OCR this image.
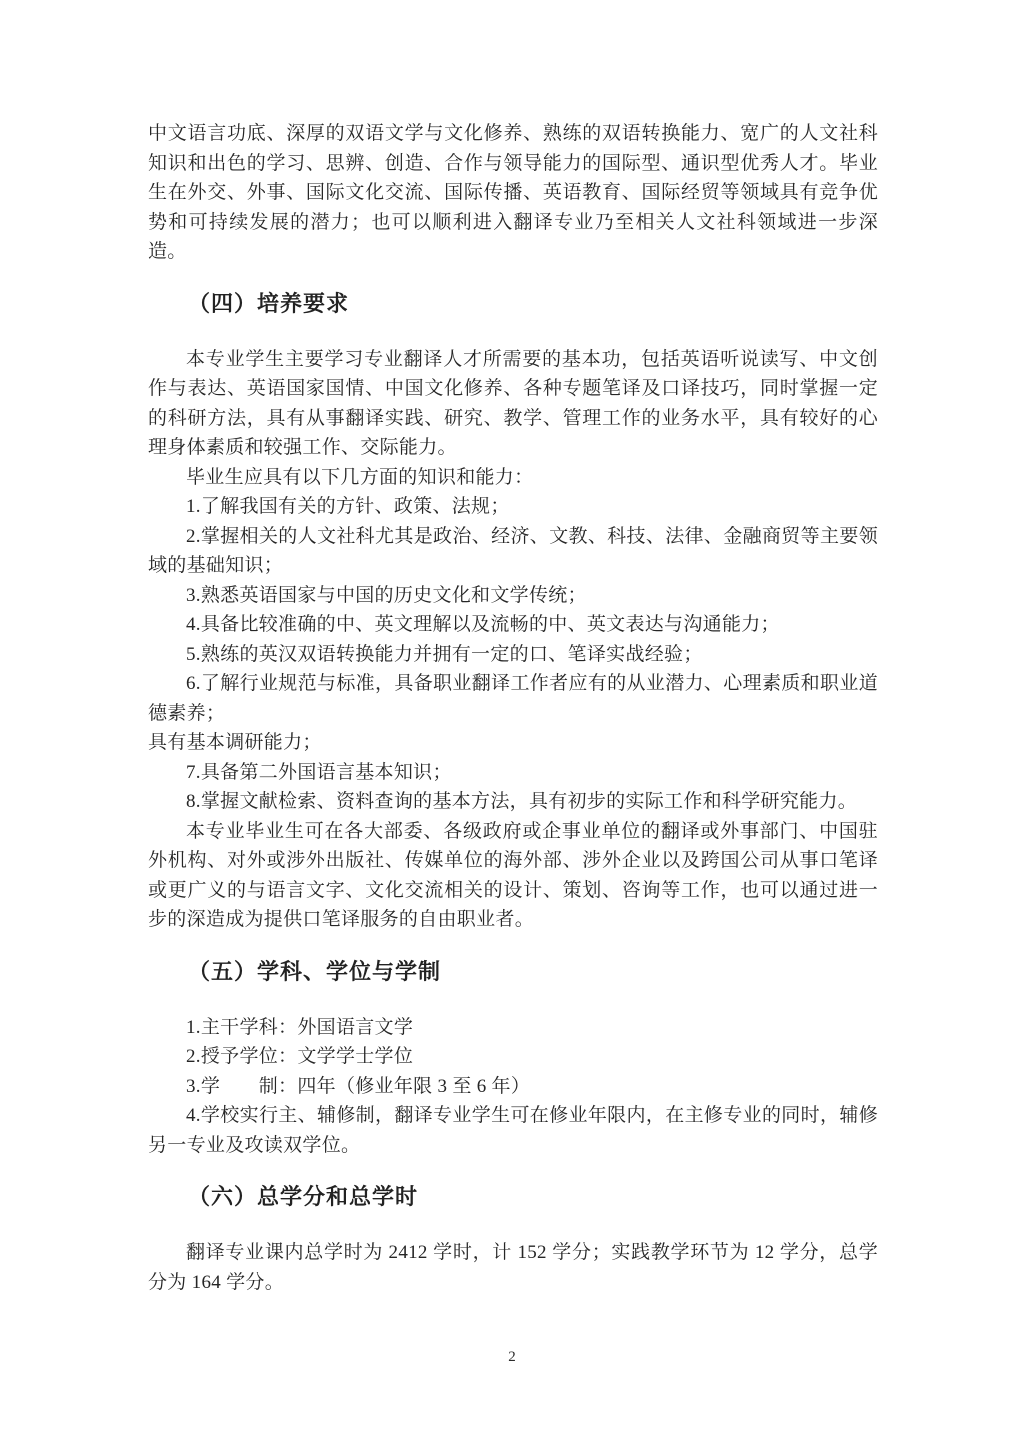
中文语言功底、深厚的双语文学与文化修养、熟练的双语转换能力、宽广的人文社科知识和出色的学习、思辨、创造、合作与领导能力的国际型、通识型优秀人才。毕业生在外交、外事、国际文化交流、国际传播、英语教育、国际经贸等领域具有竞争优势和可持续发展的潜力；也可以顺利进入翻译专业乃至相关人文社科领域进一步深造。

（四）培养要求

本专业学生主要学习专业翻译人才所需要的基本功，包括英语听说读写、中文创作与表达、英语国家国情、中国文化修养、各种专题笔译及口译技巧，同时掌握一定的科研方法，具有从事翻译实践、研究、教学、管理工作的业务水平，具有较好的心理身体素质和较强工作、交际能力。

毕业生应具有以下几方面的知识和能力：

1.了解我国有关的方针、政策、法规；

2.掌握相关的人文社科尤其是政治、经济、文教、科技、法律、金融商贸等主要领域的基础知识；

3.熟悉英语国家与中国的历史文化和文学传统；

4.具备比较准确的中、英文理解以及流畅的中、英文表达与沟通能力；

5.熟练的英汉双语转换能力并拥有一定的口、笔译实战经验；

6.了解行业规范与标准，具备职业翻译工作者应有的从业潜力、心理素质和职业道德素养；

具有基本调研能力；

7.具备第二外国语言基本知识；

8.掌握文献检索、资料查询的基本方法，具有初步的实际工作和科学研究能力。

本专业毕业生可在各大部委、各级政府或企事业单位的翻译或外事部门、中国驻外机构、对外或涉外出版社、传媒单位的海外部、涉外企业以及跨国公司从事口笔译或更广义的与语言文字、文化交流相关的设计、策划、咨询等工作，也可以通过进一步的深造成为提供口笔译服务的自由职业者。

（五）学科、学位与学制

1.主干学科：外国语言文学

2.授予学位：文学学士学位

3.学　　制：四年（修业年限 3 至 6 年）

4.学校实行主、辅修制，翻译专业学生可在修业年限内，在主修专业的同时，辅修另一专业及攻读双学位。

（六）总学分和总学时

翻译专业课内总学时为 2412 学时，计 152 学分；实践教学环节为 12 学分，总学分为 164 学分。

2
